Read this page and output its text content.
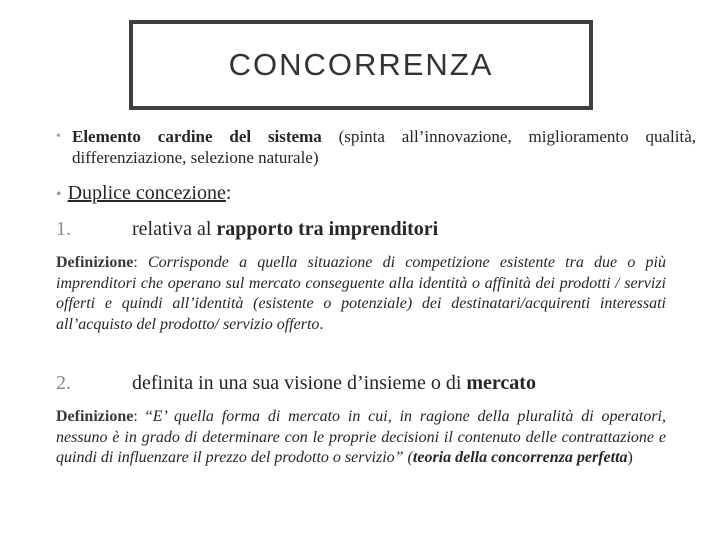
CONCORRENZA
• Elemento cardine del sistema (spinta all’innovazione, miglioramento qualità, differenziazione, selezione naturale)
• Duplice concezione:
1.	relativa al rapporto tra imprenditori
Definizione: Corrisponde a quella situazione di competizione esistente tra due o più imprenditori che operano sul mercato conseguente alla identità o affinità dei prodotti / servizi offerti e quindi all’identità (esistente o potenziale) dei destinatari/acquirenti interessati all’acquisto del prodotto/ servizio offerto.
2.	definita in una sua visione d’insieme o di mercato
Definizione: “E’ quella forma di mercato in cui, in ragione della pluralità di operatori, nessuno è in grado di determinare con le proprie decisioni il contenuto delle contrattazione e quindi di influenzare il prezzo del prodotto o servizio” (teoria della concorrenza perfetta)
